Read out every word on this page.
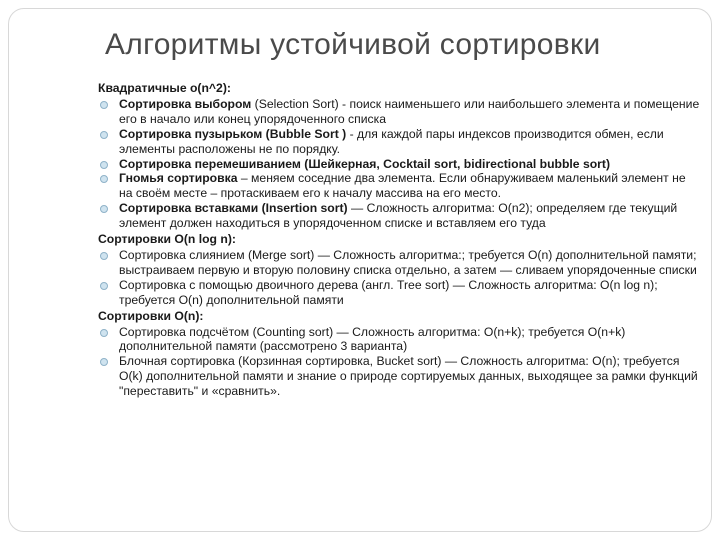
Алгоритмы устойчивой сортировки
Квадратичные o(n^2):
Сортировка выбором (Selection Sort) - поиск наименьшего или наибольшего элемента и помещение его в начало или конец упорядоченного списка
Сортировка пузырьком (Bubble Sort ) - для каждой пары индексов производится обмен, если элементы расположены не по порядку.
Сортировка перемешиванием (Шейкерная, Cocktail sort, bidirectional bubble sort)
Гномья сортировка – меняем соседние два элемента. Если обнаруживаем маленький элемент не на своём месте – протаскиваем его к началу массива на его место.
Сортировка вставками (Insertion sort) — Сложность алгоритма: O(n2); определяем где текущий элемент должен находиться в упорядоченном списке и вставляем его туда
Сортировки O(n log n):
Сортировка слиянием (Merge sort) — Сложность алгоритма:; требуется O(n) дополнительной памяти; выстраиваем первую и вторую половину списка отдельно, а затем — сливаем упорядоченные списки
Сортировка с помощью двоичного дерева (англ. Tree sort) — Сложность алгоритма: O(n log n); требуется O(n) дополнительной памяти
Сортировки O(n):
Сортировка подсчётом (Counting sort) — Сложность алгоритма: O(n+k); требуется O(n+k) дополнительной памяти (рассмотрено 3 варианта)
Блочная сортировка (Корзинная сортировка, Bucket sort) — Сложность алгоритма: O(n); требуется O(k) дополнительной памяти и знание о природе сортируемых данных, выходящее за рамки функций "переставить" и «сравнить».
